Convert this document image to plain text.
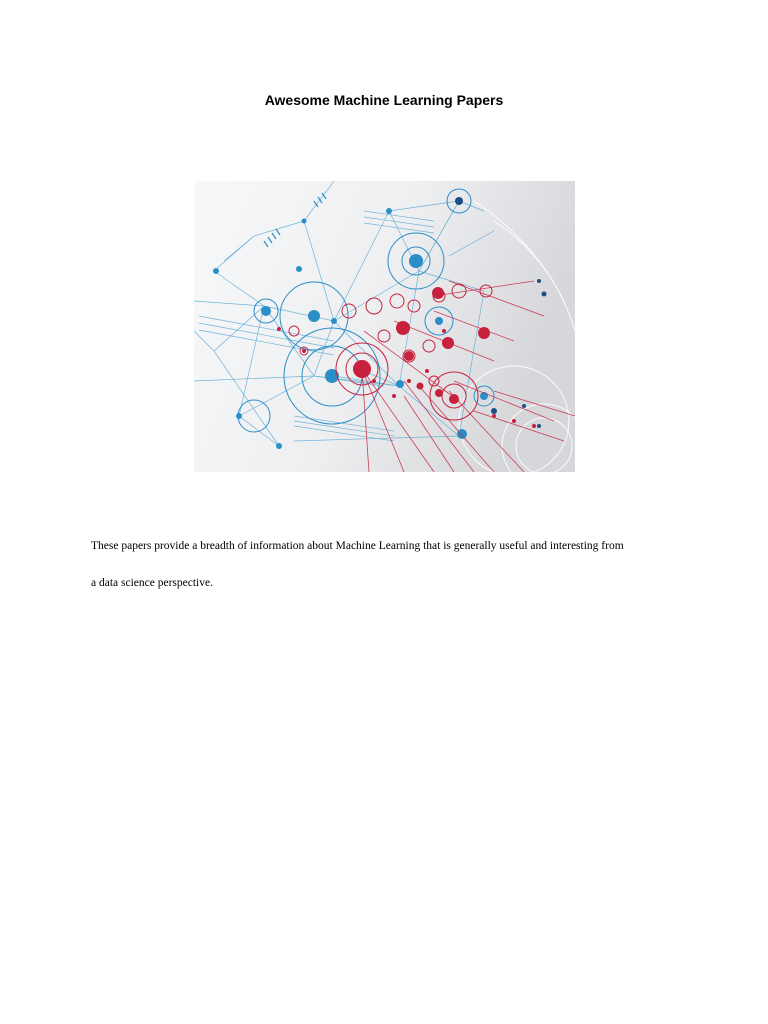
Awesome Machine Learning Papers

These papers provide a breadth of information about Machine Learning that is generally useful and interesting from

a data science perspective.
